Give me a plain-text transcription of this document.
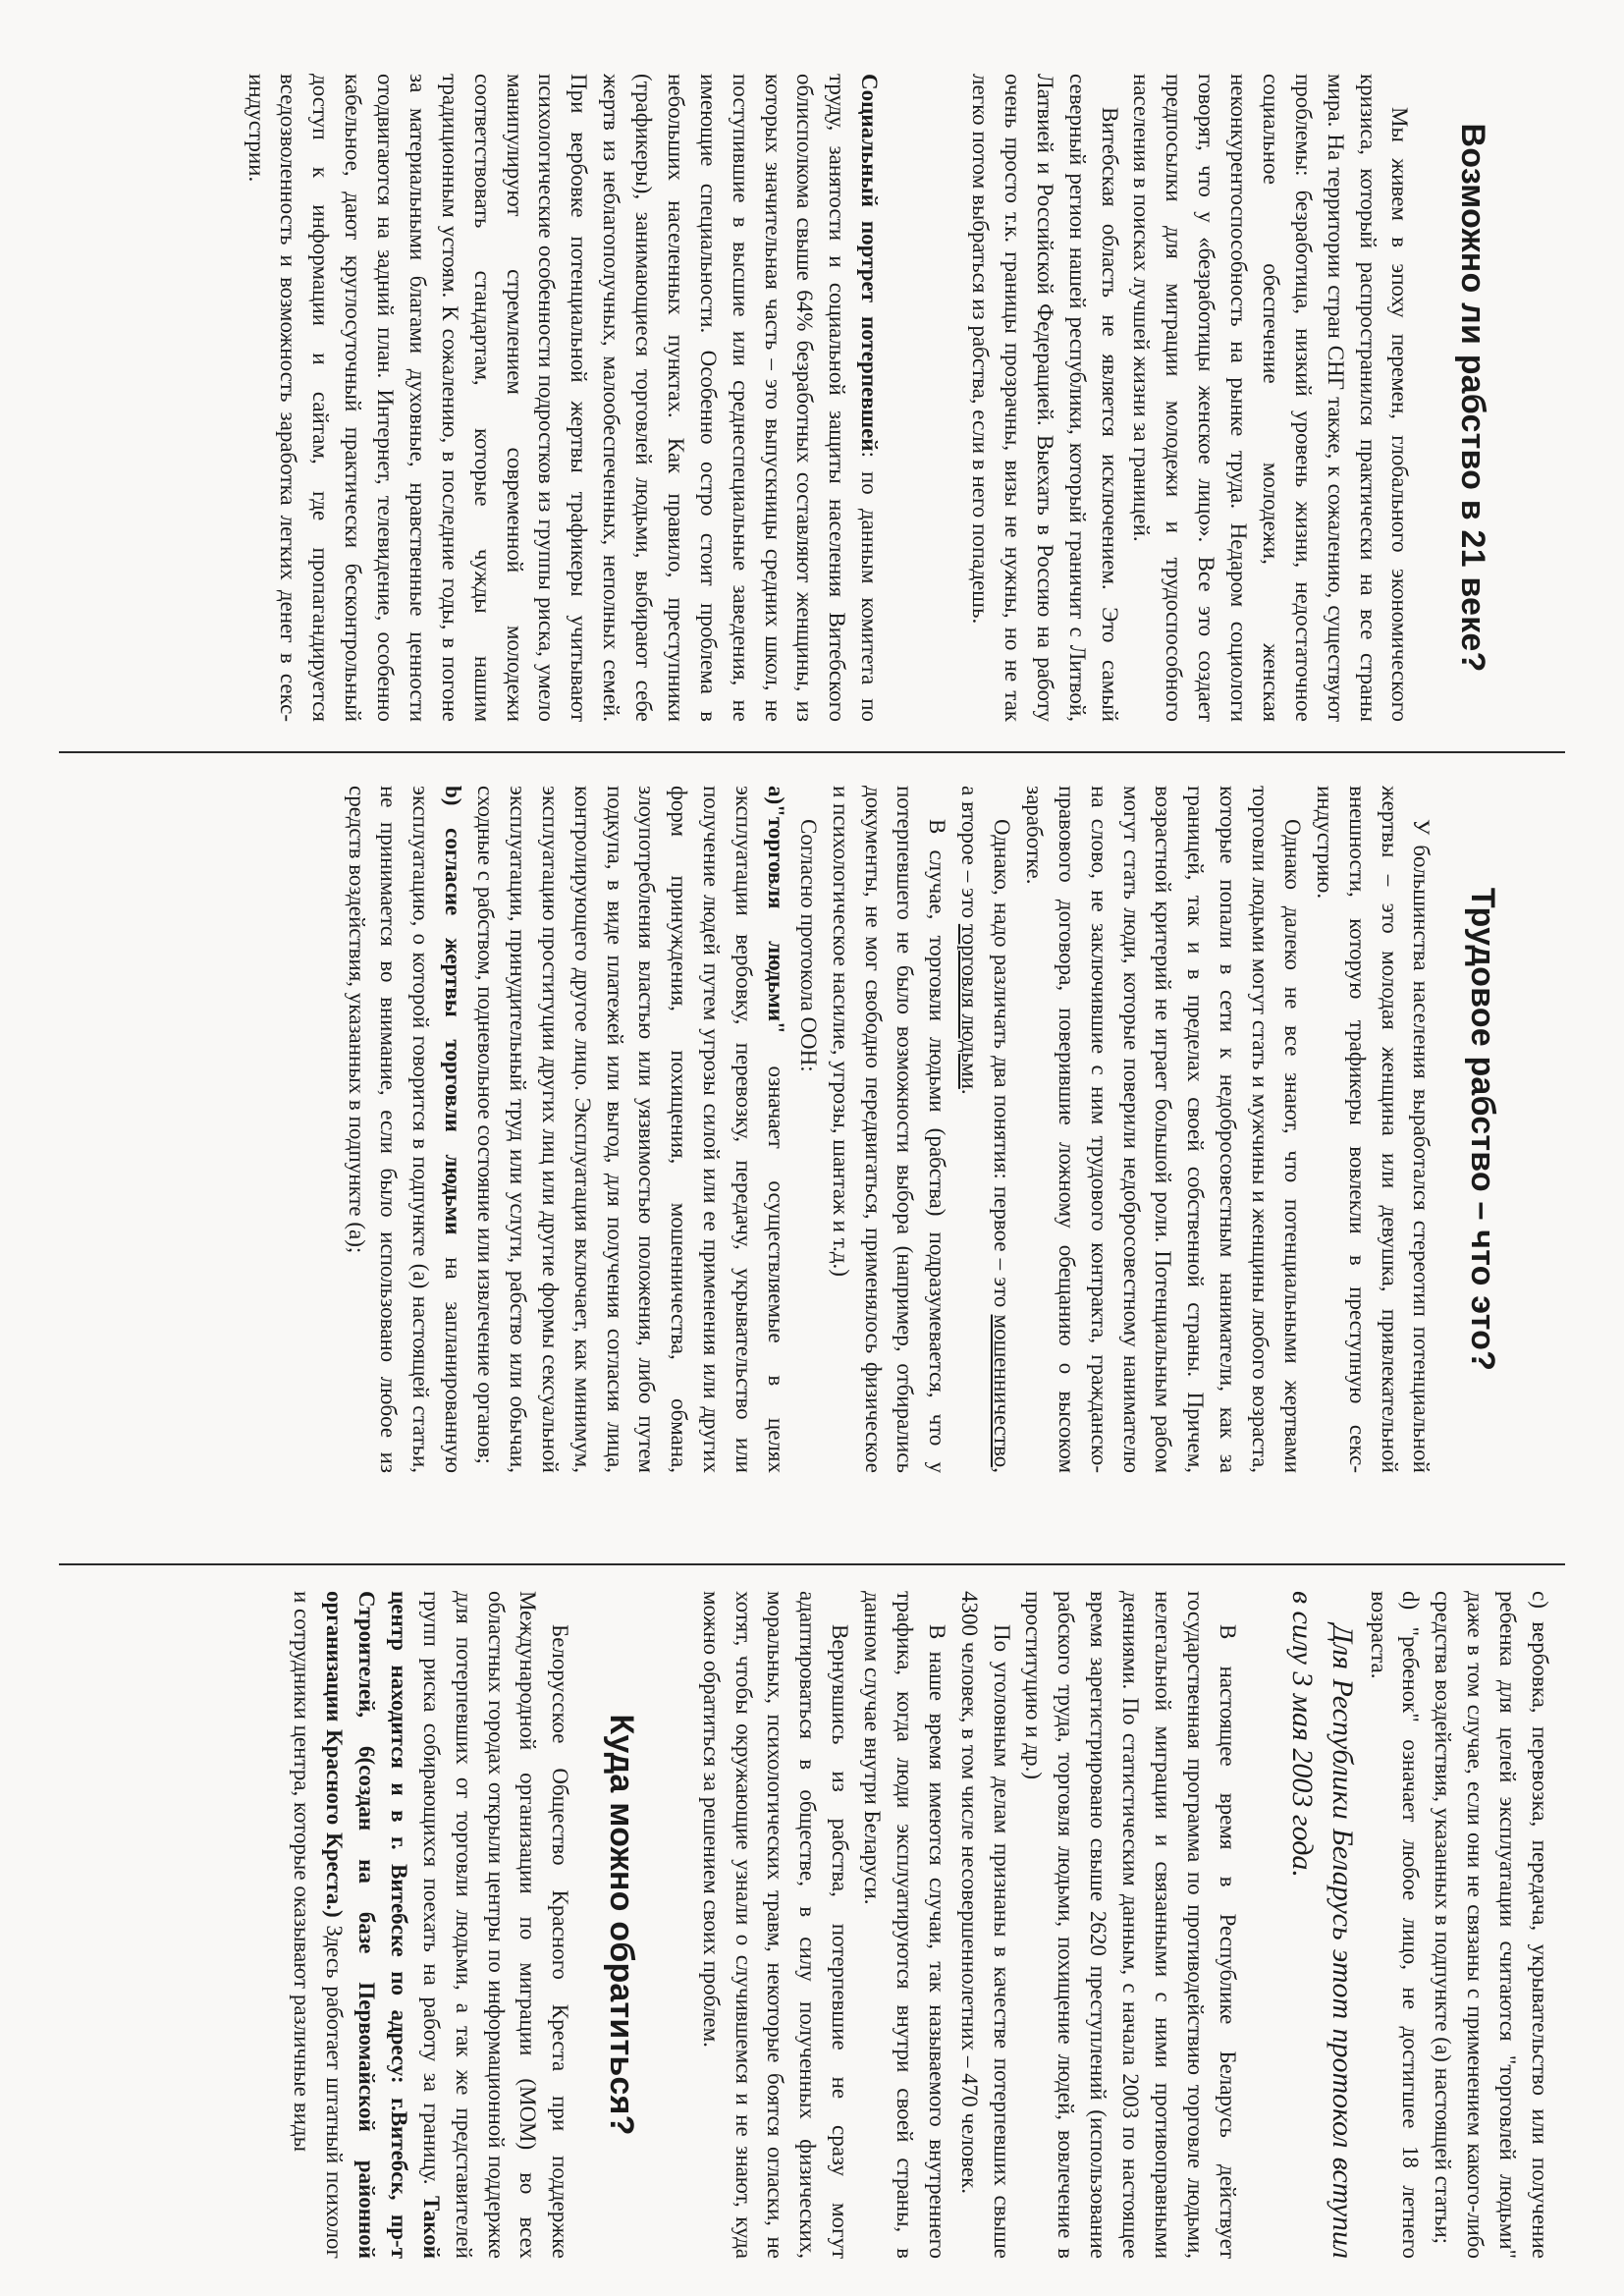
Возможно ли рабство в 21 веке?

Мы живем в эпоху перемен, глобального экономического кризиса, который распространился практически на все страны мира. На территории стран СНГ также, к сожалению, существуют проблемы: безработица, низкий уровень жизни, недостаточное социальное обеспечение молодежи, женская неконкурентоспособность на рынке труда. Недаром социологи говорят, что у «безработицы женское лицо». Все это создает предпосылки для миграции молодежи и трудоспособного населения в поисках лучшей жизни за границей.

Витебская область не является исключением. Это самый северный регион нашей республики, который граничит с Литвой, Латвией и Российской Федерацией. Выехать в Россию на работу очень просто т.к. границы прозрачны, визы не нужны, но не так легко потом выбраться из рабства, если в него попадешь.

Социальный портрет потерпевшей: по данным комитета по труду, занятости и социальной защиты населения Витебского облисполкома свыше 64% безработных составляют женщины, из которых значительная часть – это выпускницы средних школ, не поступившие в высшие или среднеспециальные заведения, не имеющие специальности. Особенно остро стоит проблема в небольших населенных пунктах. Как правило, преступники (трафикеры), занимающиеся торговлей людьми, выбирают себе жертв из неблагополучных, малообеспеченных, неполных семей. При вербовке потенциальной жертвы трафикеры учитывают психологические особенности подростков из группы риска, умело манипулируют стремлением современной молодежи соответствовать стандартам, которые чужды нашим традиционным устоям. К сожалению, в последние годы, в погоне за материальными благами духовные, нравственные ценности отодвигаются на задний план. Интернет, телевидение, особенно кабельное, дают круглосуточный практически бесконтрольный доступ к информации и сайтам, где пропагандируется вседозволенность и возможность заработка легких денег в секс-индустрии.

Трудовое рабство – что это?

У большинства населения выработался стереотип потенциальной жертвы – это молодая женщина или девушка, привлекательной внешности, которую трафикеры вовлекли в преступную секс-индустрию.

Однако далеко не все знают, что потенциальными жертвами торговли людьми могут стать и мужчины и женщины любого возраста, которые попали в сети к недобросовестным наниматели, как за границей, так и в пределах своей собственной страны. Причем, возрастной критерий не играет большой роли. Потенциальным рабом могут стать люди, которые поверили недобросовестному нанимателю на слово, не заключившие с ним трудового контракта, гражданско-правового договора, поверившие ложному обещанию о высоком заработке.

Однако, надо различать два понятия: первое – это мошенничество, а второе – это торговля людьми.

В случае, торговли людьми (рабства) подразумевается, что у потерпевшего не было возможности выбора (например, отбирались документы, не мог свободно передвигаться, применялось физическое и психологическое насилие, угрозы, шантаж и т.д.)

Согласно протокола ООН:

а)"торговля людьми" означает осуществляемые в целях эксплуатации вербовку, перевозку, передачу, укрывательство или получение людей путем угрозы силой или ее применения или других форм принуждения, похищения, мошенничества, обмана, злоупотребления властью или уязвимостью положения, либо путем подкупа, в виде платежей или выгод, для получения согласия лица, контролирующего другое лицо. Эксплуатация включает, как минимум, эксплуатацию проституции других лиц или другие формы сексуальной эксплуатации, принудительный труд или услуги, рабство или обычаи, сходные с рабством, подневольное состояние или извлечение органов;

b) согласие жертвы торговли людьми на запланированную эксплуатацию, о которой говорится в подпункте (а) настоящей статьи, не принимается во внимание, если было использовано любое из средств воздействия, указанных в подпункте (а);

c) вербовка, перевозка, передача, укрывательство или получение ребенка для целей эксплуатации считаются "торговлей людьми" даже в том случае, если они не связаны с применением какого-либо средства воздействия, указанных в подпункте (а) настоящей статьи;

d) "ребенок" означает любое лицо, не достигшее 18 летнего возраста.

Для Республики Беларусь этот протокол вступил в силу 3 мая 2003 года.

В настоящее время в Республике Беларусь действует государственная программа по противодействию торговле людьми, нелегальной миграции и связанными с ними противоправными деяниями. По статистическим данным, с начала 2003 по настоящее время зарегистрировано свыше 2620 преступлений (использование рабского труда, торговля людьми, похищение людей, вовлечение в проституцию и др.)

По уголовным делам признаны в качестве потерпевших свыше 4300 человек, в том числе несовершеннолетних – 470 человек.

В наше время имеются случаи, так называемого внутреннего трафика, когда люди эксплуатируются внутри своей страны, в данном случае внутри Беларуси.

Вернувшись из рабства, потерпевшие не сразу могут адаптироваться в обществе, в силу полученных физических, моральных, психологических травм, некоторые боятся огласки, не хотят, чтобы окружающие узнали о случившемся и не знают, куда можно обратиться за решением своих проблем.

Куда можно обратиться?

Белорусское Общество Красного Креста при поддержке Международной организации по миграции (МОМ) во всех областных городах открыли центры по информационной поддержке для потерпевших от торговли людьми, а так же представителей групп риска собирающихся поехать на работу за границу. Такой центр находится и в г. Витебске по адресу: г.Витебск, пр-т Строителей, 6(создан на базе Первомайской районной организации Красного Креста.) Здесь работает штатный психолог и сотрудники центра, которые оказывают различные виды
